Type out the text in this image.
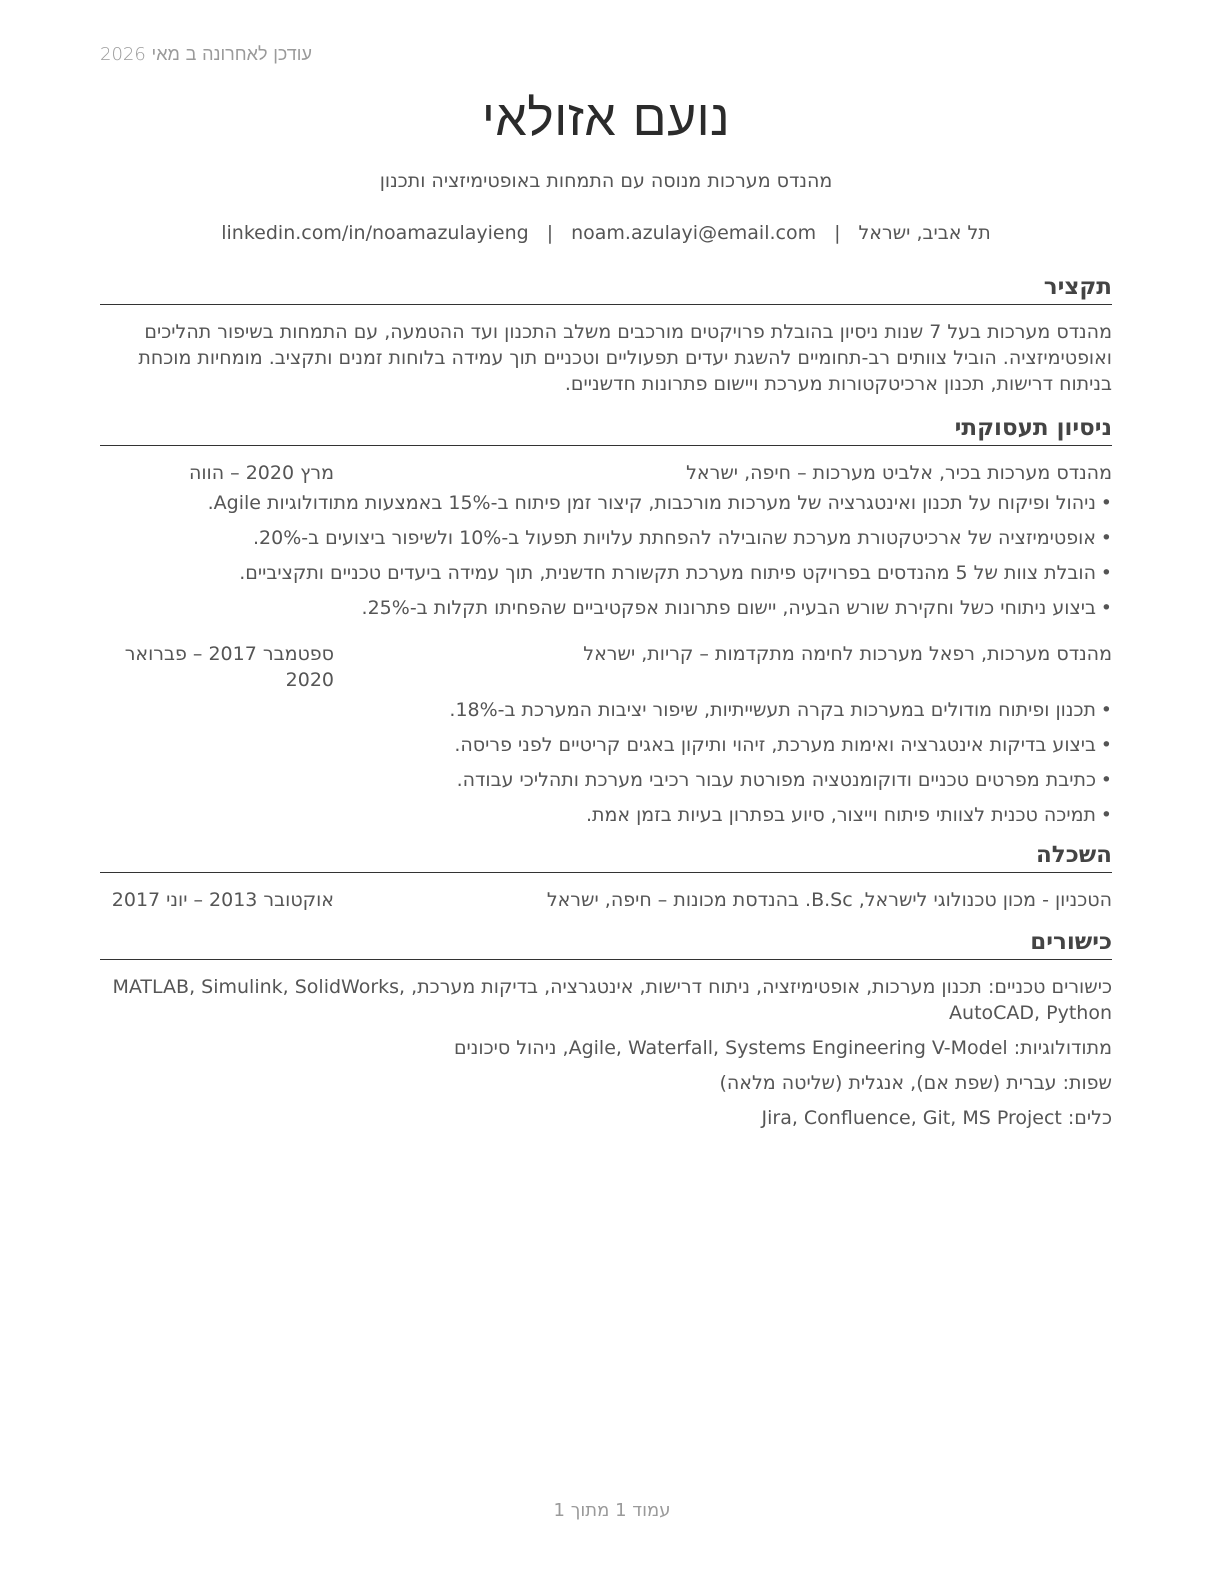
עודכן לאחרונה ב מאי 2026
נועם אזולאי
מהנדס מערכות מנוסה עם התמחות באופטימיזציה ותכנון
תל אביב, ישראל
|
noam.azulayi@email.com
|
linkedin.com/in/noamazulayieng
תקציר
מהנדס מערכות בעל 7 שנות ניסיון בהובלת פרויקטים מורכבים משלב התכנון ועד ההטמעה, עם התמחות בשיפור תהליכים ואופטימיזציה. הוביל צוותים רב-תחומיים להשגת יעדים תפעוליים וטכניים תוך עמידה בלוחות זמנים ותקציב. מומחיות מוכחת בניתוח דרישות, תכנון ארכיטקטורות מערכת ויישום פתרונות חדשניים.
ניסיון תעסוקתי
מהנדס מערכות בכיר, אלביט מערכות – חיפה, ישראל
מרץ 2020 – הווה
• ניהול ופיקוח על תכנון ואינטגרציה של מערכות מורכבות, קיצור זמן פיתוח ב-15% באמצעות מתודולוגיות Agile.
• אופטימיזציה של ארכיטקטורת מערכת שהובילה להפחתת עלויות תפעול ב-10% ולשיפור ביצועים ב-20%.
• הובלת צוות של 5 מהנדסים בפרויקט פיתוח מערכת תקשורת חדשנית, תוך עמידה ביעדים טכניים ותקציביים.
• ביצוע ניתוחי כשל וחקירת שורש הבעיה, יישום פתרונות אפקטיביים שהפחיתו תקלות ב-25%.
מהנדס מערכות, רפאל מערכות לחימה מתקדמות – קריות, ישראל
ספטמבר 2017 – פברואר 2020
• תכנון ופיתוח מודולים במערכות בקרה תעשייתיות, שיפור יציבות המערכת ב-18%.
• ביצוע בדיקות אינטגרציה ואימות מערכת, זיהוי ותיקון באגים קריטיים לפני פריסה.
• כתיבת מפרטים טכניים ודוקומנטציה מפורטת עבור רכיבי מערכת ותהליכי עבודה.
• תמיכה טכנית לצוותי פיתוח וייצור, סיוע בפתרון בעיות בזמן אמת.
השכלה
הטכניון - מכון טכנולוגי לישראל, B.Sc. בהנדסת מכונות – חיפה, ישראל
אוקטובר 2013 – יוני 2017
כישורים
כישורים טכניים: תכנון מערכות, אופטימיזציה, ניתוח דרישות, אינטגרציה, בדיקות מערכת, MATLAB, Simulink, SolidWorks, AutoCAD, Python
מתודולוגיות: Agile, Waterfall, Systems Engineering V-Model, ניהול סיכונים
שפות: עברית (שפת אם), אנגלית (שליטה מלאה)
כלים: Jira, Confluence, Git, MS Project
עמוד 1 מתוך 1
